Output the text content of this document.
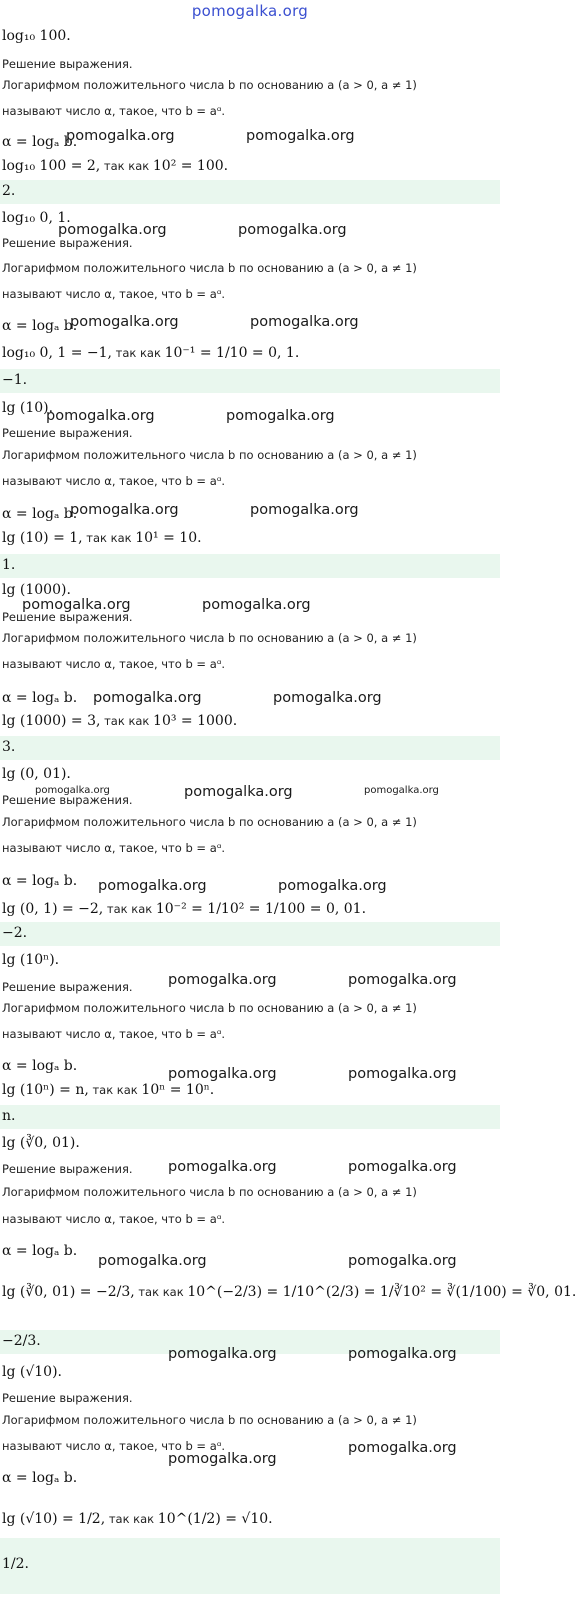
pomogalka.org
log₁₀ 100.
Решение выражения.
Логарифмом положительного числа b по основанию a (a > 0, a ≠ 1)
называют число α, такое, что b = aᵅ.
α = logₐ b.
log₁₀ 100 = 2, так как 10² = 100.
2.
pomogalka.org	pomogalka.org
log₁₀ 0, 1.
Решение выражения.
Логарифмом положительного числа b по основанию a (a > 0, a ≠ 1)
называют число α, такое, что b = aᵅ.
α = logₐ b.
log₁₀ 0, 1 = −1, так как 10⁻¹ = 1/10 = 0, 1.
−1.
pomogalka.org	pomogalka.org
pomogalka.org	pomogalka.org
lg (10).
Решение выражения.
Логарифмом положительного числа b по основанию a (a > 0, a ≠ 1)
называют число α, такое, что b = aᵅ.
α = logₐ b.
lg (10) = 1, так как 10¹ = 10.
1.
pomogalka.org	pomogalka.org
pomogalka.org	pomogalka.org
lg (1000).
Решение выражения.
Логарифмом положительного числа b по основанию a (a > 0, a ≠ 1)
называют число α, такое, что b = aᵅ.
α = logₐ b.
lg (1000) = 3, так как 10³ = 1000.
3.
pomogalka.org	pomogalka.org
pomogalka.org	pomogalka.org
lg (0, 01).
Решение выражения.
Логарифмом положительного числа b по основанию a (a > 0, a ≠ 1)
называют число α, такое, что b = aᵅ.
α = logₐ b.
lg (0, 1) = −2, так как 10⁻² = 1/10² = 1/100 = 0, 01.
−2.
pomogalka.org	pomogalka.org	pomogalka.org
pomogalka.org	pomogalka.org
lg (10ⁿ).
Решение выражения.
Логарифмом положительного числа b по основанию a (a > 0, a ≠ 1)
называют число α, такое, что b = aᵅ.
α = logₐ b.
lg (10ⁿ) = n, так как 10ⁿ = 10ⁿ.
n.
pomogalka.org	pomogalka.org
pomogalka.org	pomogalka.org
lg (∛0, 01).
Решение выражения.
Логарифмом положительного числа b по основанию a (a > 0, a ≠ 1)
называют число α, такое, что b = aᵅ.
α = logₐ b.
lg (∛0, 01) = −2/3, так как 10^(−2/3) = 1/10^(2/3) = 1/∛10² = ∛(1/100) = ∛0, 01.
−2/3.
pomogalka.org	pomogalka.org
pomogalka.org	pomogalka.org
pomogalka.org	pomogalka.org
lg (√10).
Решение выражения.
Логарифмом положительного числа b по основанию a (a > 0, a ≠ 1)
называют число α, такое, что b = aᵅ.
α = logₐ b.
lg (√10) = 1/2, так как 10^(1/2) = √10.
1/2.
pomogalka.org
pomogalka.org
